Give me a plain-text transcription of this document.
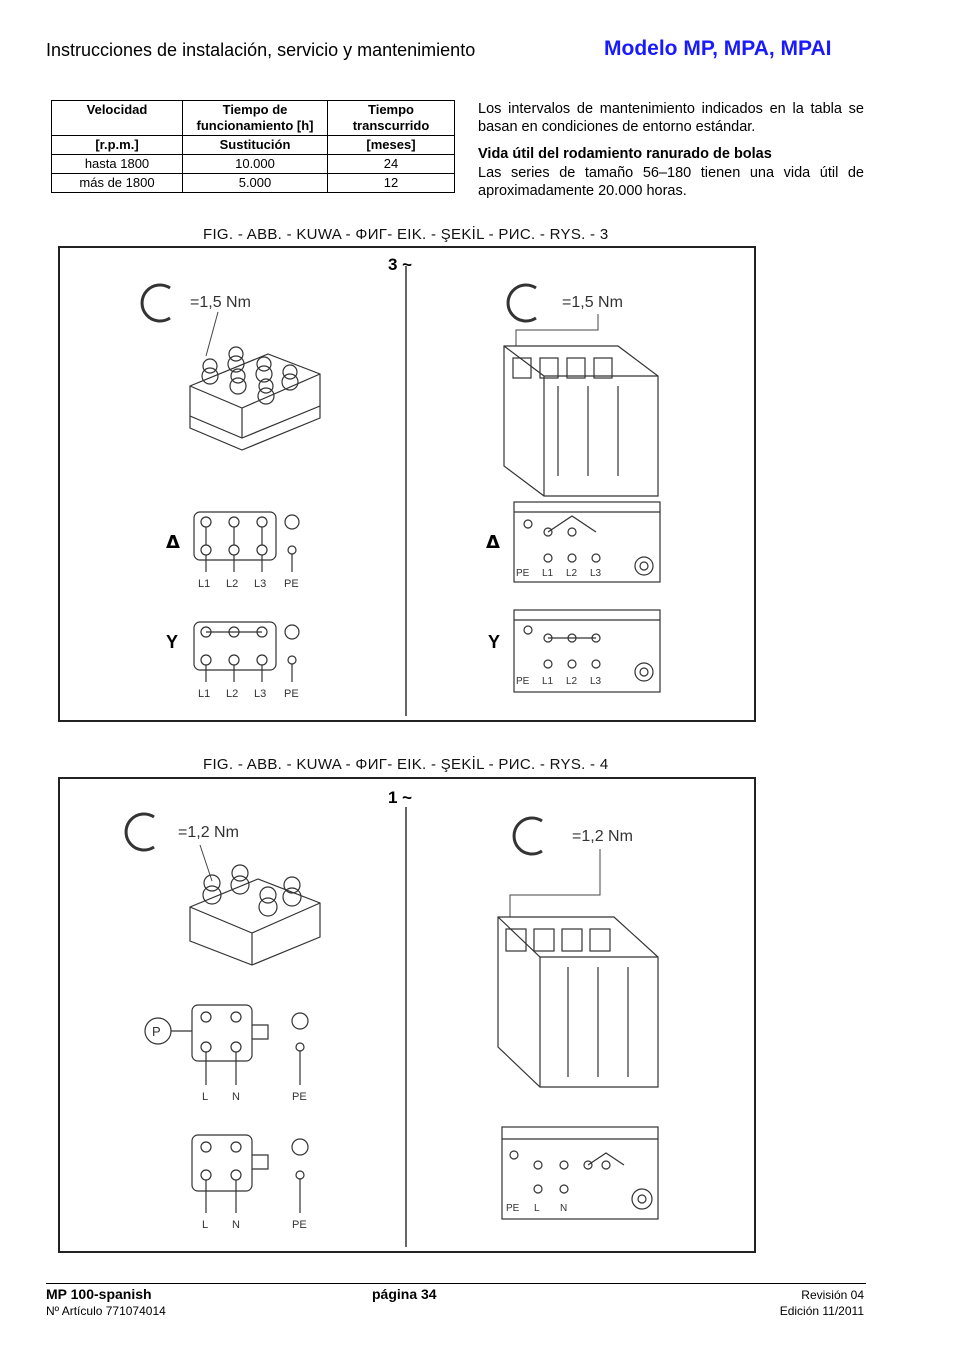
Instrucciones de instalación, servicio y mantenimiento	Modelo MP, MPA, MPAI
Velocidad	Tiempo de funcionamiento [h]	Tiempo transcurrido
[r.p.m.]	Sustitución	[meses]
hasta 1800	10.000	24
más de 1800	5.000	12
Los intervalos de mantenimiento indicados en la tabla se basan en condiciones de entorno estándar.
Vida útil del rodamiento ranurado de bolas
Las series de tamaño 56–180 tienen una vida útil de aproximadamente 20.000 horas.
FIG. - ABB. - KUWA - ΦИГ- EIK. - ŞEKİL - PИC. - RYS. - 3
3 ~
=1,5 Nm	=1,5 Nm
Δ
L1 L2 L3 PE
Y
L1 L2 L3 PE
Δ
PE L1 L2 L3
Y
PE L1 L2 L3
FIG. - ABB. - KUWA - ΦИГ- EIK. - ŞEKİL - PИC. - RYS. - 4
1 ~
=1,2 Nm	=1,2 Nm
P
L N	PE
L N	PE
PE L N
MP 100-spanish	página 34	Revisión 04
Nº Artículo 771074014	Edición 11/2011
